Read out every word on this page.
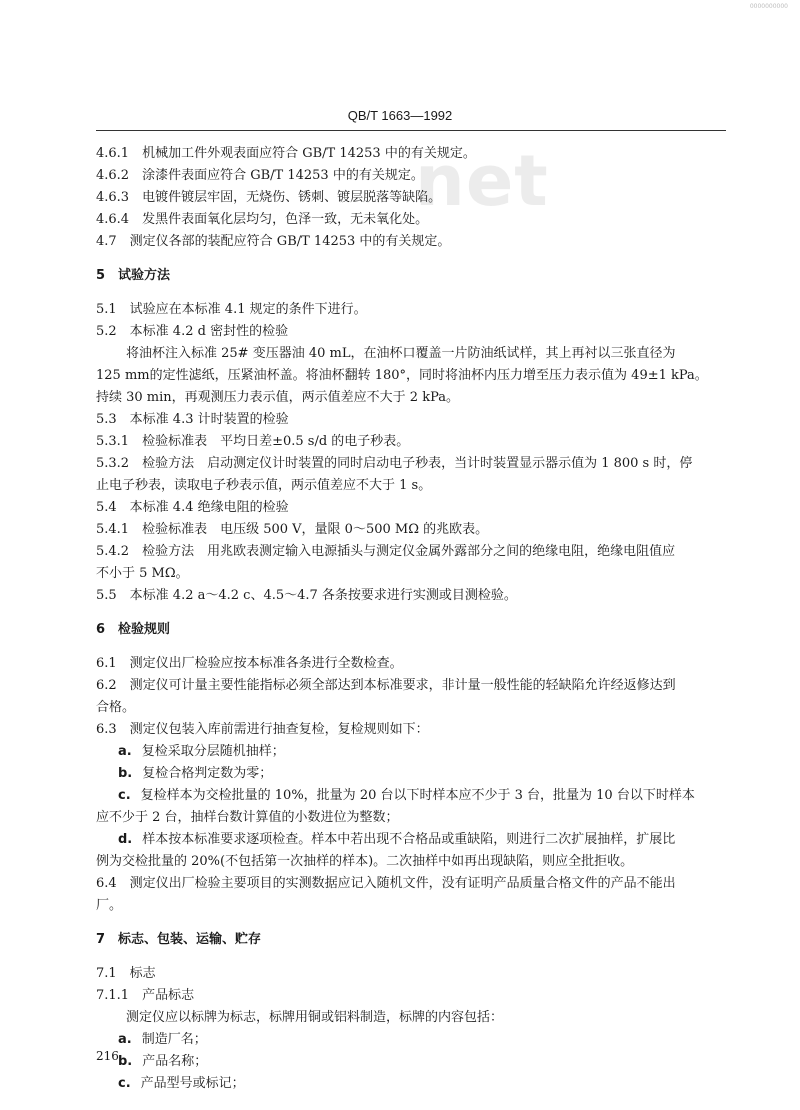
0000000000
net
QB/T 1663—1992
4.6.1　机械加工件外观表面应符合 GB/T 14253 中的有关规定。
4.6.2　涂漆件表面应符合 GB/T 14253 中的有关规定。
4.6.3　电镀件镀层牢固，无烧伤、锈刺、镀层脱落等缺陷。
4.6.4　发黑件表面氧化层均匀，色泽一致，无未氧化处。
4.7　测定仪各部的装配应符合 GB/T 14253 中的有关规定。
5　试验方法
5.1　试验应在本标准 4.1 规定的条件下进行。
5.2　本标准 4.2 d 密封性的检验
将油杯注入标准 25# 变压器油 40 mL，在油杯口覆盖一片防油纸试样，其上再衬以三张直径为
125 mm的定性滤纸，压紧油杯盖。将油杯翻转 180°，同时将油杯内压力增至压力表示值为 49±1 kPa。
持续 30 min，再观测压力表示值，两示值差应不大于 2 kPa。
5.3　本标准 4.3 计时装置的检验
5.3.1　检验标准表　平均日差±0.5 s/d 的电子秒表。
5.3.2　检验方法　启动测定仪计时装置的同时启动电子秒表，当计时装置显示器示值为 1 800 s 时，停
止电子秒表，读取电子秒表示值，两示值差应不大于 1 s。
5.4　本标准 4.4 绝缘电阻的检验
5.4.1　检验标准表　电压级 500 V，量限 0～500 MΩ 的兆欧表。
5.4.2　检验方法　用兆欧表测定输入电源插头与测定仪金属外露部分之间的绝缘电阻，绝缘电阻值应
不小于 5 MΩ。
5.5　本标准 4.2 a～4.2 c、4.5～4.7 各条按要求进行实测或目测检验。
6　检验规则
6.1　测定仪出厂检验应按本标准各条进行全数检查。
6.2　测定仪可计量主要性能指标必须全部达到本标准要求，非计量一般性能的轻缺陷允许经返修达到
合格。
6.3　测定仪包装入库前需进行抽查复检，复检规则如下：
a. 复检采取分层随机抽样；
b. 复检合格判定数为零；
c. 复检样本为交检批量的 10%，批量为 20 台以下时样本应不少于 3 台，批量为 10 台以下时样本
应不少于 2 台，抽样台数计算值的小数进位为整数；
d. 样本按本标准要求逐项检查。样本中若出现不合格品或重缺陷，则进行二次扩展抽样，扩展比
例为交检批量的 20%(不包括第一次抽样的样本)。二次抽样中如再出现缺陷，则应全批拒收。
6.4　测定仪出厂检验主要项目的实测数据应记入随机文件，没有证明产品质量合格文件的产品不能出
厂。
7　标志、包装、运输、贮存
7.1　标志
7.1.1　产品标志
测定仪应以标牌为标志，标牌用铜或铝料制造，标牌的内容包括：
a. 制造厂名；
b. 产品名称；
c. 产品型号或标记；
216
